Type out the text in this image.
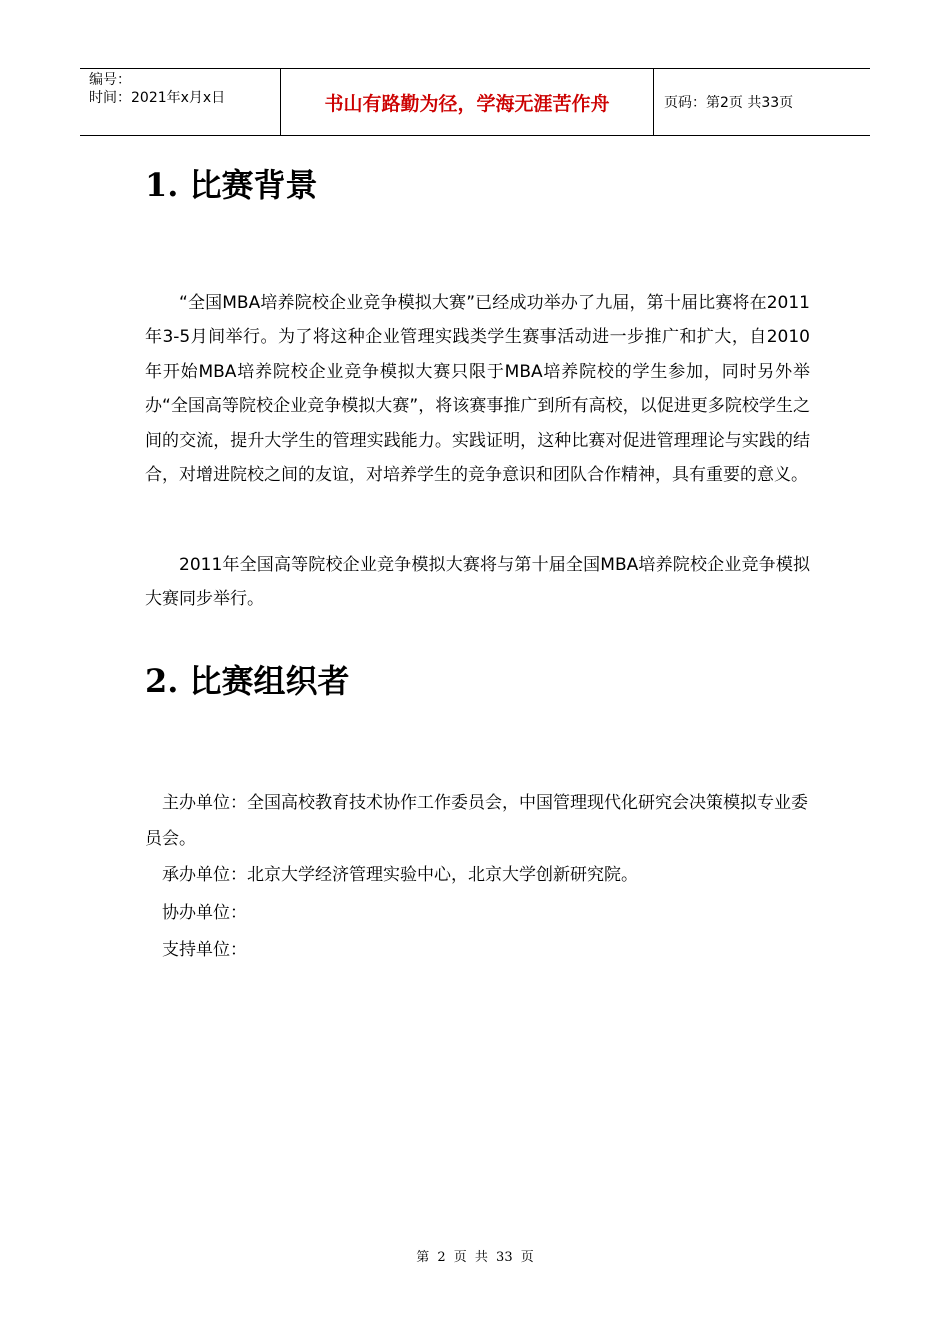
编号：
时间：2021年x月x日	书山有路勤为径，学海无涯苦作舟	页码：第2页 共33页
1. 比赛背景

“全国MBA培养院校企业竞争模拟大赛”已经成功举办了九届，第十届比赛将在2011年3-5月间举行。为了将这种企业管理实践类学生赛事活动进一步推广和扩大，自2010年开始MBA培养院校企业竞争模拟大赛只限于MBA培养院校的学生参加，同时另外举办“全国高等院校企业竞争模拟大赛”，将该赛事推广到所有高校，以促进更多院校学生之间的交流，提升大学生的管理实践能力。实践证明，这种比赛对促进管理理论与实践的结合，对增进院校之间的友谊，对培养学生的竞争意识和团队合作精神，具有重要的意义。

2011年全国高等院校企业竞争模拟大赛将与第十届全国MBA培养院校企业竞争模拟大赛同步举行。

2. 比赛组织者

主办单位：全国高校教育技术协作工作委员会，中国管理现代化研究会决策模拟专业委员会。

承办单位：北京大学经济管理实验中心，北京大学创新研究院。

协办单位：

支持单位：

第 2 页 共 33 页
